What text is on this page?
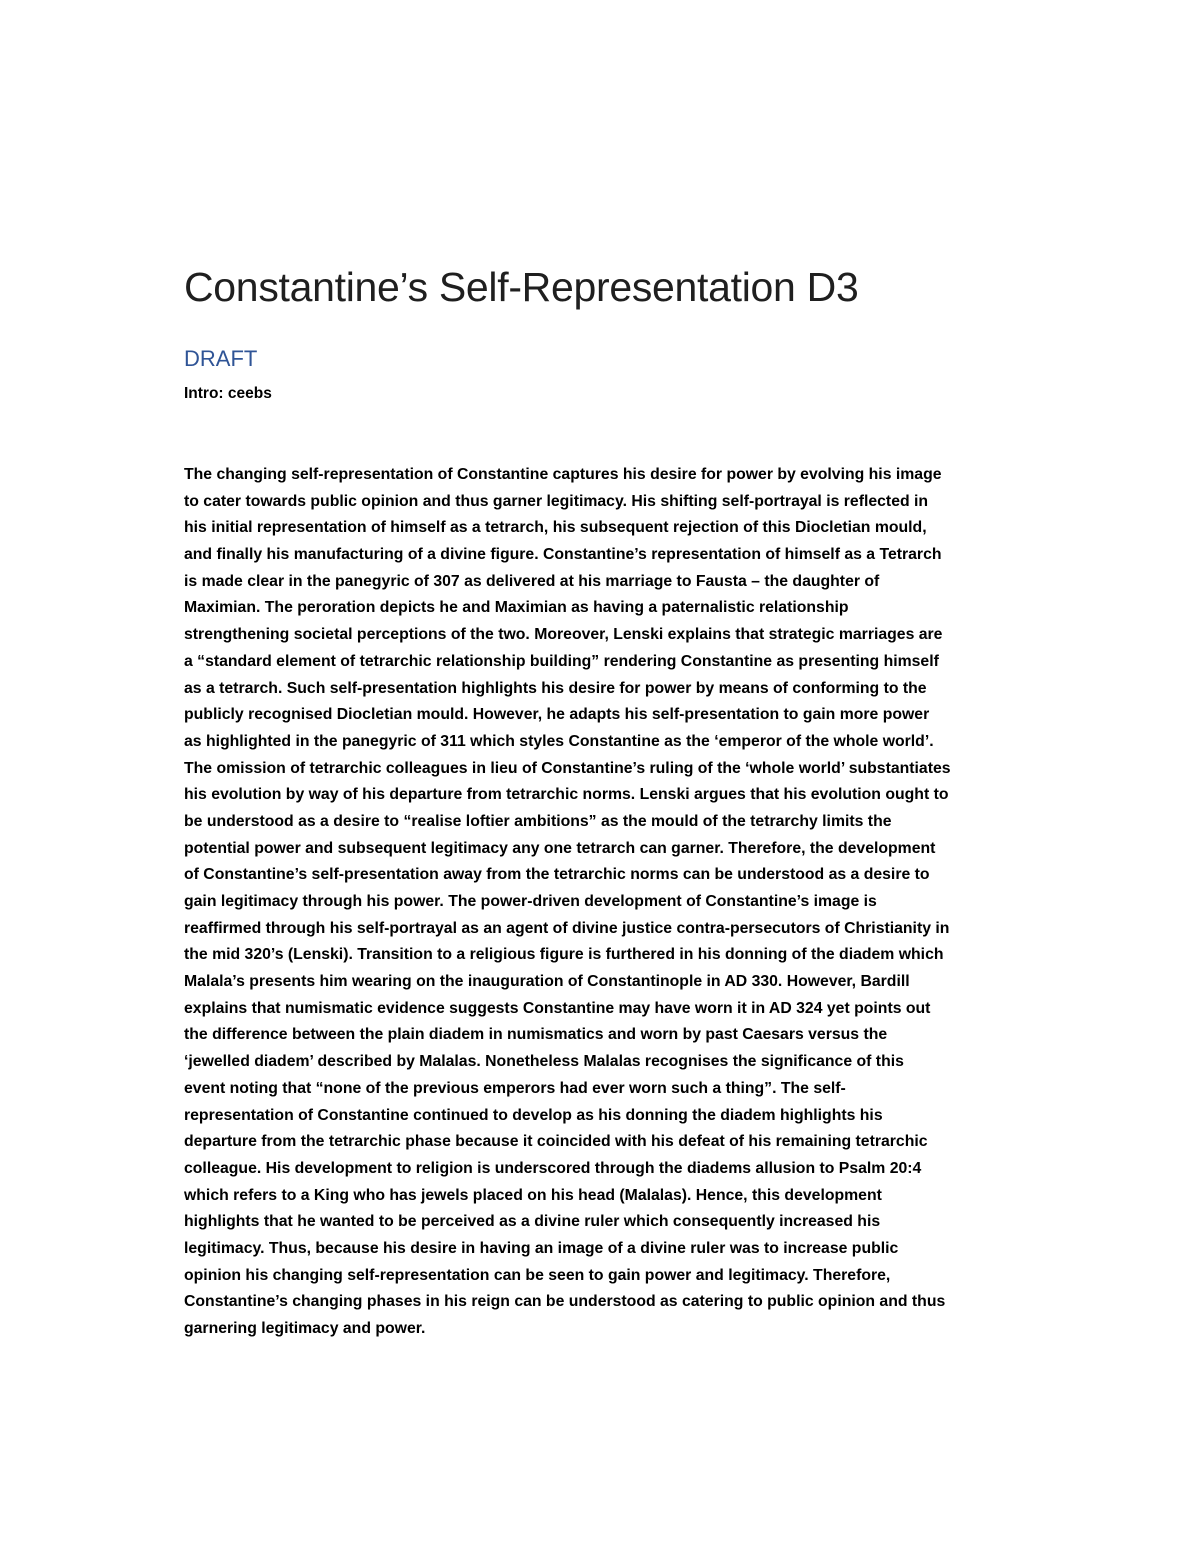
Constantine’s Self-Representation D3
DRAFT
Intro: ceebs
The changing self-representation of Constantine captures his desire for power by evolving his image
to cater towards public opinion and thus garner legitimacy. His shifting self-portrayal is reflected in
his initial representation of himself as a tetrarch, his subsequent rejection of this Diocletian mould,
and finally his manufacturing of a divine figure. Constantine’s representation of himself as a Tetrarch
is made clear in the panegyric of 307 as delivered at his marriage to Fausta – the daughter of
Maximian. The peroration depicts he and Maximian as having a paternalistic relationship
strengthening societal perceptions of the two. Moreover, Lenski explains that strategic marriages are
a “standard element of tetrarchic relationship building” rendering Constantine as presenting himself
as a tetrarch. Such self-presentation highlights his desire for power by means of conforming to the
publicly recognised Diocletian mould. However, he adapts his self-presentation to gain more power
as highlighted in the panegyric of 311 which styles Constantine as the ‘emperor of the whole world’.
The omission of tetrarchic colleagues in lieu of Constantine’s ruling of the ‘whole world’ substantiates
his evolution by way of his departure from tetrarchic norms. Lenski argues that his evolution ought to
be understood as a desire to “realise loftier ambitions” as the mould of the tetrarchy limits the
potential power and subsequent legitimacy any one tetrarch can garner. Therefore, the development
of Constantine’s self-presentation away from the tetrarchic norms can be understood as a desire to
gain legitimacy through his power. The power-driven development of Constantine’s image is
reaffirmed through his self-portrayal as an agent of divine justice contra-persecutors of Christianity in
the mid 320’s (Lenski). Transition to a religious figure is furthered in his donning of the diadem which
Malala’s presents him wearing on the inauguration of Constantinople in AD 330. However, Bardill
explains that numismatic evidence suggests Constantine may have worn it in AD 324 yet points out
the difference between the plain diadem in numismatics and worn by past Caesars versus the
‘jewelled diadem’ described by Malalas. Nonetheless Malalas recognises the significance of this
event noting that “none of the previous emperors had ever worn such a thing”. The self-
representation of Constantine continued to develop as his donning the diadem highlights his
departure from the tetrarchic phase because it coincided with his defeat of his remaining tetrarchic
colleague. His development to religion is underscored through the diadems allusion to Psalm 20:4
which refers to a King who has jewels placed on his head (Malalas). Hence, this development
highlights that he wanted to be perceived as a divine ruler which consequently increased his
legitimacy. Thus, because his desire in having an image of a divine ruler was to increase public
opinion his changing self-representation can be seen to gain power and legitimacy. Therefore,
Constantine’s changing phases in his reign can be understood as catering to public opinion and thus
garnering legitimacy and power.
